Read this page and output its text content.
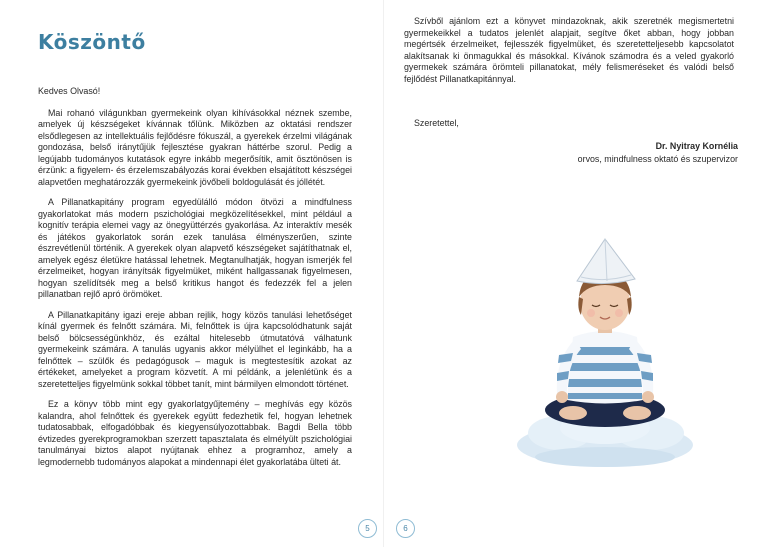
Köszöntő

Kedves Olvasó!

Mai rohanó világunkban gyermekeink olyan kihívásokkal néznek szembe, amelyek új készségeket kívánnak tőlünk. Miközben az oktatási rendszer elsődlegesen az intellektuális fejlődésre fókuszál, a gyerekek érzelmi világának gondozása, belső iránytűjük fejlesztése gyakran háttérbe szorul. Pedig a legújabb tudományos kutatások egyre inkább megerősítik, amit ösztönösen is érzünk: a figyelem- és érzelemszabályozás korai években elsajátított készségei alapvetően meghatározzák gyermekeink jövőbeli boldogulását és jóllétét.

A Pillanatkapitány program egyedülálló módon ötvözi a mindfulness gyakorlatokat más modern pszichológiai megközelítésekkel, mint például a kognitív terápia elemei vagy az önegyüttérzés gyakorlása. Az interaktív mesék és játékos gyakorlatok során ezek tanulása élményszerűen, szinte észrevétlenül történik. A gyerekek olyan alapvető készségeket sajátíthatnak el, amelyek egész életükre hatással lehetnek. Megtanulhatják, hogyan ismerjék fel érzelmeiket, hogyan irányítsák figyelmüket, miként hallgassanak figyelmesen, hogyan szelídítsék meg a belső kritikus hangot és fedezzék fel a jelen pillanatban rejlő apró örömöket.

A Pillanatkapitány igazi ereje abban rejlik, hogy közös tanulási lehetőséget kínál gyermek és felnőtt számára. Mi, felnőttek is újra kapcsolódhatunk saját belső bölcsességünkhöz, és ezáltal hitelesebb útmutatóvá válhatunk gyermekeink számára. A tanulás ugyanis akkor mélyülhet el leginkább, ha a felnőttek – szülők és pedagógusok – maguk is megtestesítik azokat az értékeket, amelyeket a program közvetít. A mi példánk, a jelenlétünk és a szeretetteljes figyelmünk sokkal többet tanít, mint bármilyen elmondott történet.

Ez a könyv több mint egy gyakorlatgyűjtemény – meghívás egy közös kalandra, ahol felnőttek és gyerekek együtt fedezhetik fel, hogyan lehetnek tudatosabbak, elfogadóbbak és kiegyensúlyozottabbak. Bagdi Bella több évtizedes gyerekprogramokban szerzett tapasztalata és elmélyült pszichológiai tanulmányai biztos alapot nyújtanak ehhez a programhoz, amely a legmodernebb tudományos alapokat a mindennapi élet gyakorlatába ülteti át.

5

Szívből ajánlom ezt a könyvet mindazoknak, akik szeretnék megismertetni gyermekeikkel a tudatos jelenlét alapjait, segítve őket abban, hogy jobban megértsék érzelmeiket, fejlesszék figyelmüket, és szeretetteljesebb kapcsolatot alakítsanak ki önmagukkal és másokkal. Kívánok számodra és a veled gyakorló gyermekek számára örömteli pillanatokat, mély felismeréseket és valódi belső fejlődést Pillanatkapitánnyal.

Szeretettel,
Dr. Nyitray Kornélia
orvos, mindfulness oktató és szupervizor
6
